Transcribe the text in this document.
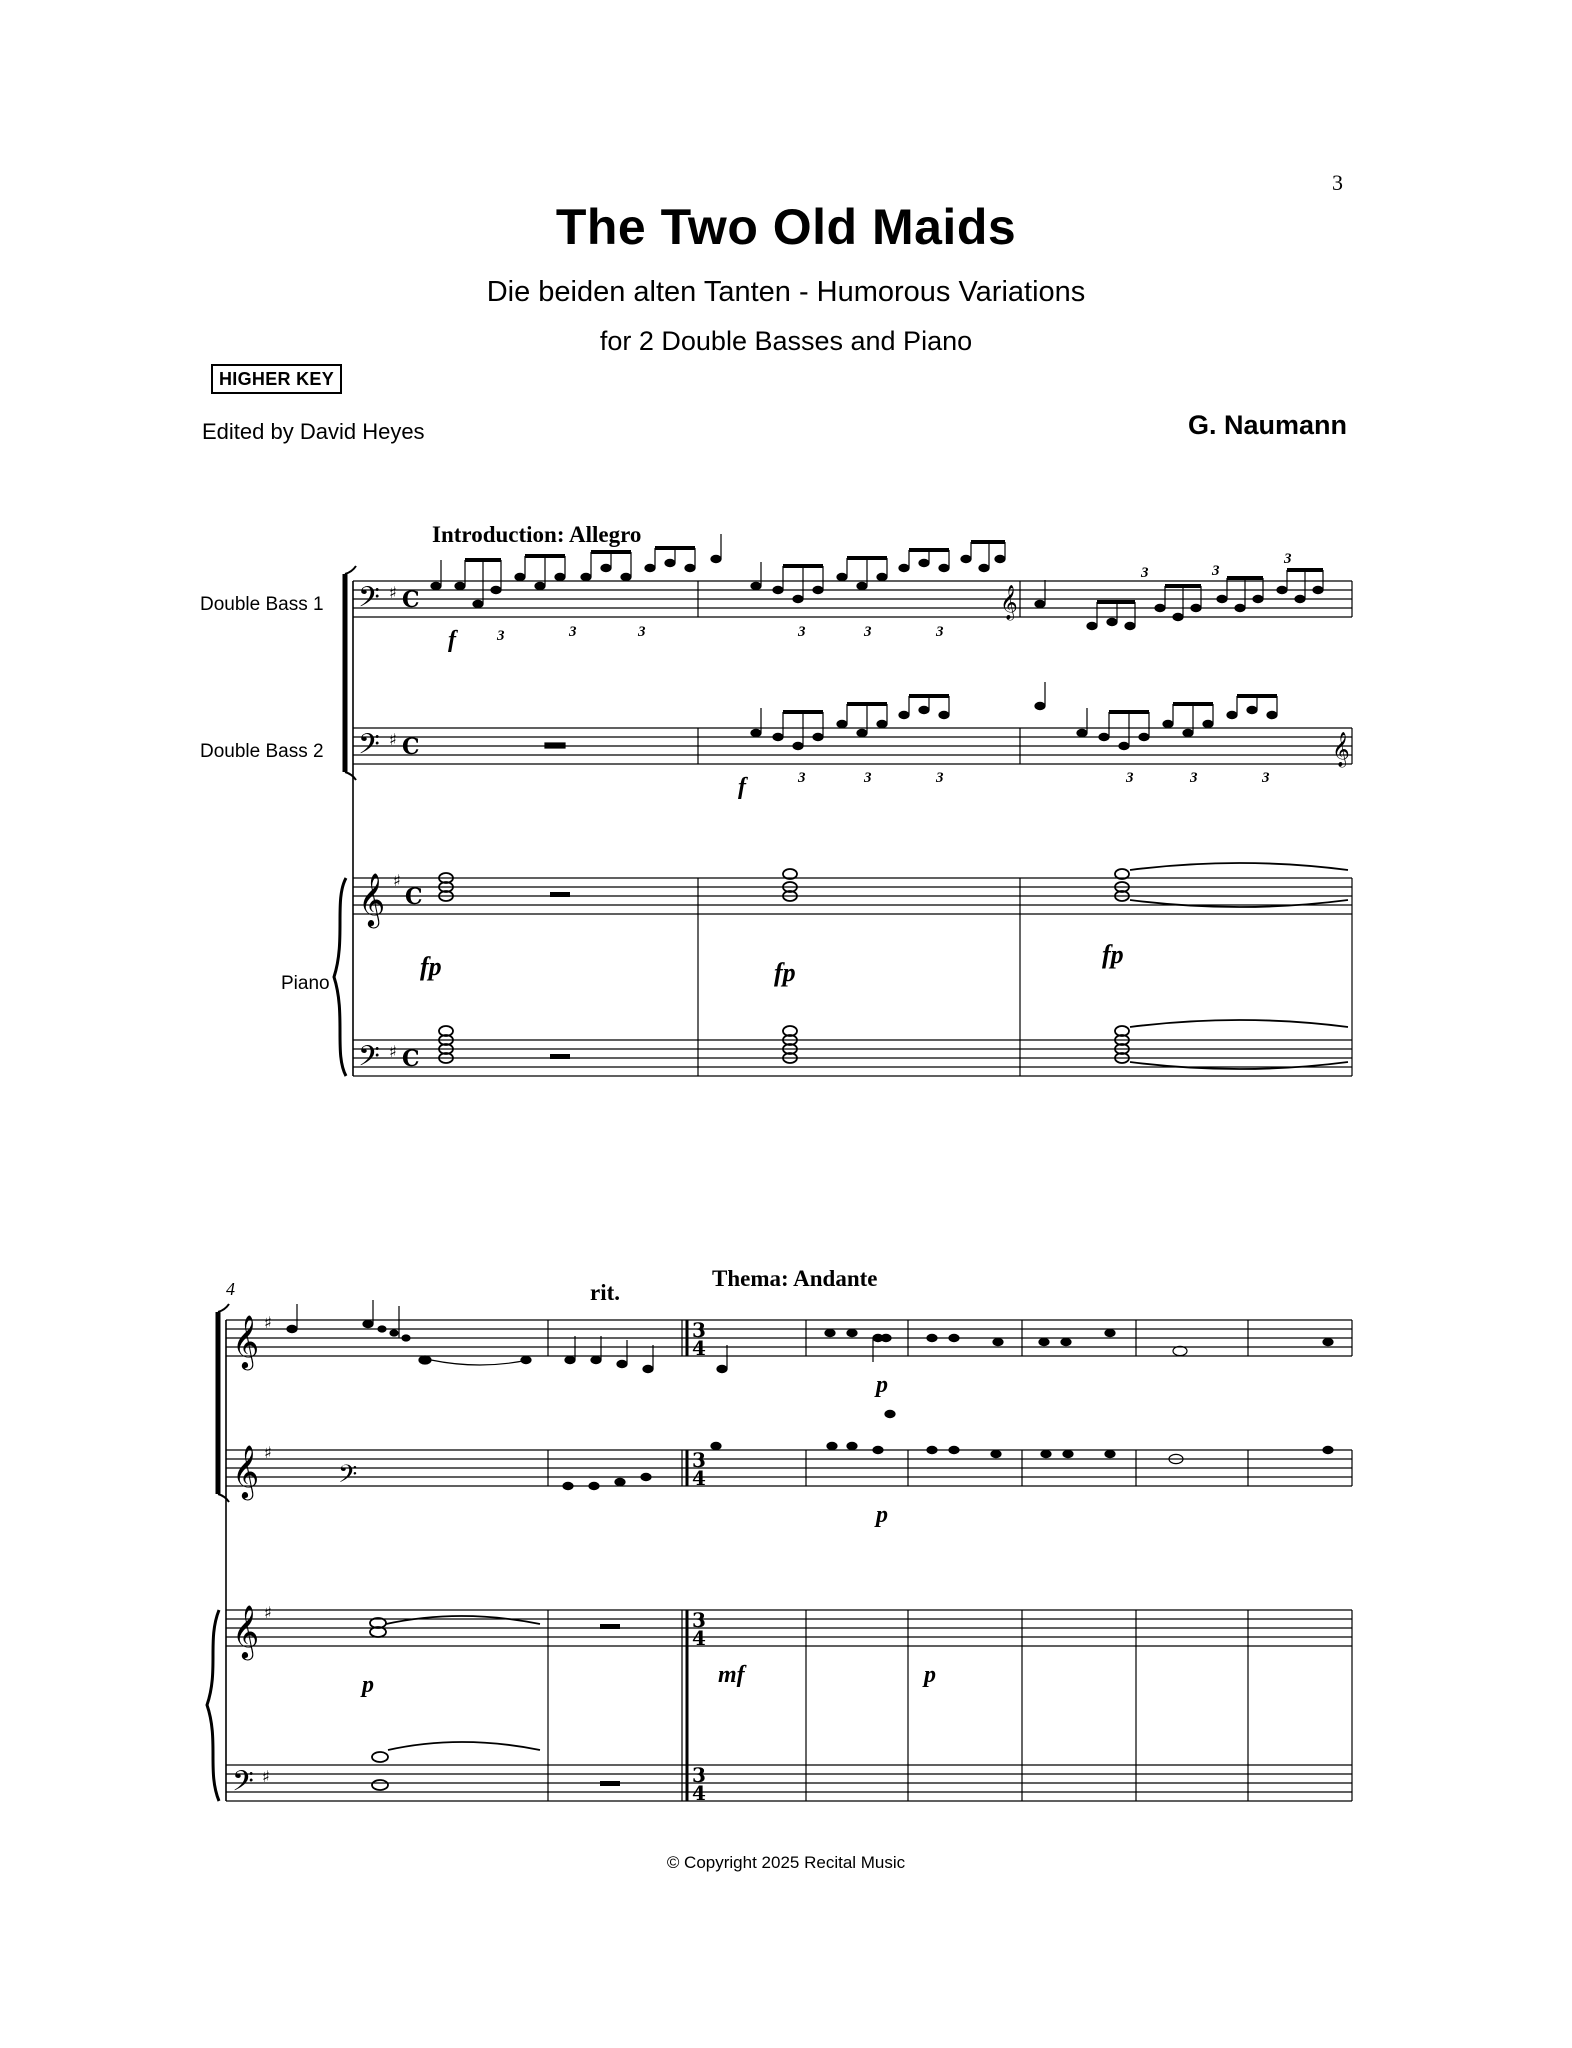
3
The Two Old Maids
Die beiden alten Tanten - Humorous Variations
for 2 Double Basses and Piano
HIGHER KEY
Edited by David Heyes	G. Naumann
Introduction: Allegro
Double Bass 1
Double Bass 2
Piano
4	rit.
Thema: Andante
𝄢
𝄢
𝄞
𝄢
𝄞
𝄞
♯
♯
♯
♯
C
C
C
C
𝄞
𝄞
𝄞
𝄢
𝄢
♯
♯
♯
♯
3
4
3
4
3
4
3
4
f
f
fp	fp
fp
3	3	3	3	3	3
3	3
3
3	3	3	3	3	3
p
p
p	mf	p
© Copyright 2025 Recital Music
